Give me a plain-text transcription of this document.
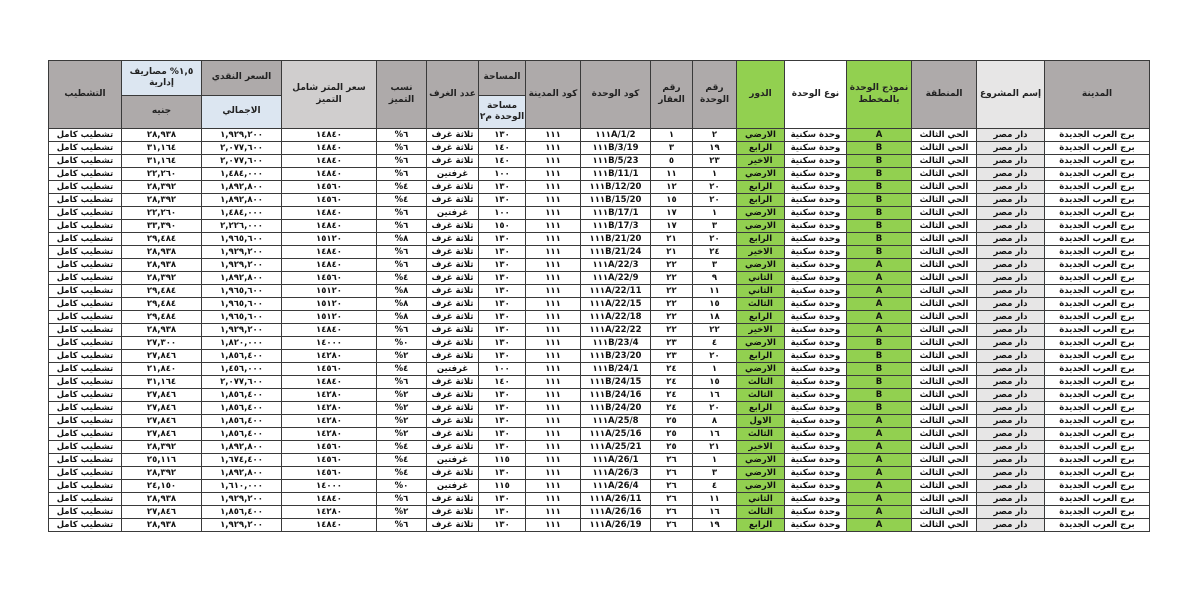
المدينة	إسم المشروع	المنطقة	نموذج الوحدة بالمخطط	نوع الوحدة	الدور	رقم الوحدة	رقم العقار	كود الوحدة	كود المدينة	المساحة	عدد الغرف	نسب التميز	سعر المتر شامل التميز	السعر النقدي	١,٥% مصاريف إدارية	التشطيب
										مساحة الوحدة م٢				الاجمالي	جنيه	
برج العرب الجديدة	دار مصر	الحي الثالث	A	وحدة سكنية	الارضي	٢	١	١١١A/1/2	١١١	١٣٠	ثلاثة غرف	٦%	١٤٨٤٠	١,٩٢٩,٢٠٠	٢٨,٩٣٨	تشطيب كامل
برج العرب الجديدة	دار مصر	الحي الثالث	B	وحدة سكنية	الرابع	١٩	٣	١١١B/3/19	١١١	١٤٠	ثلاثة غرف	٦%	١٤٨٤٠	٢,٠٧٧,٦٠٠	٣١,١٦٤	تشطيب كامل
برج العرب الجديدة	دار مصر	الحي الثالث	B	وحدة سكنية	الاخير	٢٣	٥	١١١B/5/23	١١١	١٤٠	ثلاثة غرف	٦%	١٤٨٤٠	٢,٠٧٧,٦٠٠	٣١,١٦٤	تشطيب كامل
برج العرب الجديدة	دار مصر	الحي الثالث	B	وحدة سكنية	الارضي	١	١١	١١١B/11/1	١١١	١٠٠	غرفتين	٦%	١٤٨٤٠	١,٤٨٤,٠٠٠	٢٢,٢٦٠	تشطيب كامل
برج العرب الجديدة	دار مصر	الحي الثالث	B	وحدة سكنية	الرابع	٢٠	١٢	١١١B/12/20	١١١	١٣٠	ثلاثة غرف	٤%	١٤٥٦٠	١,٨٩٢,٨٠٠	٢٨,٣٩٢	تشطيب كامل
برج العرب الجديدة	دار مصر	الحي الثالث	B	وحدة سكنية	الرابع	٢٠	١٥	١١١B/15/20	١١١	١٣٠	ثلاثة غرف	٤%	١٤٥٦٠	١,٨٩٢,٨٠٠	٢٨,٣٩٢	تشطيب كامل
برج العرب الجديدة	دار مصر	الحي الثالث	B	وحدة سكنية	الارضي	١	١٧	١١١B/17/1	١١١	١٠٠	غرفتين	٦%	١٤٨٤٠	١,٤٨٤,٠٠٠	٢٢,٢٦٠	تشطيب كامل
برج العرب الجديدة	دار مصر	الحي الثالث	B	وحدة سكنية	الارضي	٣	١٧	١١١B/17/3	١١١	١٥٠	ثلاثة غرف	٦%	١٤٨٤٠	٢,٢٢٦,٠٠٠	٣٣,٣٩٠	تشطيب كامل
برج العرب الجديدة	دار مصر	الحي الثالث	B	وحدة سكنية	الرابع	٢٠	٢١	١١١B/21/20	١١١	١٣٠	ثلاثة غرف	٨%	١٥١٢٠	١,٩٦٥,٦٠٠	٢٩,٤٨٤	تشطيب كامل
برج العرب الجديدة	دار مصر	الحي الثالث	B	وحدة سكنية	الاخير	٢٤	٢١	١١١B/21/24	١١١	١٣٠	ثلاثة غرف	٦%	١٤٨٤٠	١,٩٢٩,٢٠٠	٢٨,٩٣٨	تشطيب كامل
برج العرب الجديدة	دار مصر	الحي الثالث	A	وحدة سكنية	الارضي	٣	٢٢	١١١A/22/3	١١١	١٣٠	ثلاثة غرف	٦%	١٤٨٤٠	١,٩٢٩,٢٠٠	٢٨,٩٣٨	تشطيب كامل
برج العرب الجديدة	دار مصر	الحي الثالث	A	وحدة سكنية	الثاني	٩	٢٢	١١١A/22/9	١١١	١٣٠	ثلاثة غرف	٤%	١٤٥٦٠	١,٨٩٢,٨٠٠	٢٨,٣٩٢	تشطيب كامل
برج العرب الجديدة	دار مصر	الحي الثالث	A	وحدة سكنية	الثاني	١١	٢٢	١١١A/22/11	١١١	١٣٠	ثلاثة غرف	٨%	١٥١٢٠	١,٩٦٥,٦٠٠	٢٩,٤٨٤	تشطيب كامل
برج العرب الجديدة	دار مصر	الحي الثالث	A	وحدة سكنية	الثالث	١٥	٢٢	١١١A/22/15	١١١	١٣٠	ثلاثة غرف	٨%	١٥١٢٠	١,٩٦٥,٦٠٠	٢٩,٤٨٤	تشطيب كامل
برج العرب الجديدة	دار مصر	الحي الثالث	A	وحدة سكنية	الرابع	١٨	٢٢	١١١A/22/18	١١١	١٣٠	ثلاثة غرف	٨%	١٥١٢٠	١,٩٦٥,٦٠٠	٢٩,٤٨٤	تشطيب كامل
برج العرب الجديدة	دار مصر	الحي الثالث	A	وحدة سكنية	الاخير	٢٢	٢٢	١١١A/22/22	١١١	١٣٠	ثلاثة غرف	٦%	١٤٨٤٠	١,٩٢٩,٢٠٠	٢٨,٩٣٨	تشطيب كامل
برج العرب الجديدة	دار مصر	الحي الثالث	B	وحدة سكنية	الارضي	٤	٢٣	١١١B/23/4	١١١	١٣٠	ثلاثة غرف	٠%	١٤٠٠٠	١,٨٢٠,٠٠٠	٢٧,٣٠٠	تشطيب كامل
برج العرب الجديدة	دار مصر	الحي الثالث	B	وحدة سكنية	الرابع	٢٠	٢٣	١١١B/23/20	١١١	١٣٠	ثلاثة غرف	٢%	١٤٢٨٠	١,٨٥٦,٤٠٠	٢٧,٨٤٦	تشطيب كامل
برج العرب الجديدة	دار مصر	الحي الثالث	B	وحدة سكنية	الارضي	١	٢٤	١١١B/24/1	١١١	١٠٠	غرفتين	٤%	١٤٥٦٠	١,٤٥٦,٠٠٠	٢١,٨٤٠	تشطيب كامل
برج العرب الجديدة	دار مصر	الحي الثالث	B	وحدة سكنية	الثالث	١٥	٢٤	١١١B/24/15	١١١	١٤٠	ثلاثة غرف	٦%	١٤٨٤٠	٢,٠٧٧,٦٠٠	٣١,١٦٤	تشطيب كامل
برج العرب الجديدة	دار مصر	الحي الثالث	B	وحدة سكنية	الثالث	١٦	٢٤	١١١B/24/16	١١١	١٣٠	ثلاثة غرف	٢%	١٤٢٨٠	١,٨٥٦,٤٠٠	٢٧,٨٤٦	تشطيب كامل
برج العرب الجديدة	دار مصر	الحي الثالث	B	وحدة سكنية	الرابع	٢٠	٢٤	١١١B/24/20	١١١	١٣٠	ثلاثة غرف	٢%	١٤٢٨٠	١,٨٥٦,٤٠٠	٢٧,٨٤٦	تشطيب كامل
برج العرب الجديدة	دار مصر	الحي الثالث	A	وحدة سكنية	الاول	٨	٢٥	١١١A/25/8	١١١	١٣٠	ثلاثة غرف	٢%	١٤٢٨٠	١,٨٥٦,٤٠٠	٢٧,٨٤٦	تشطيب كامل
برج العرب الجديدة	دار مصر	الحي الثالث	A	وحدة سكنية	الثالث	١٦	٢٥	١١١A/25/16	١١١	١٣٠	ثلاثة غرف	٢%	١٤٢٨٠	١,٨٥٦,٤٠٠	٢٧,٨٤٦	تشطيب كامل
برج العرب الجديدة	دار مصر	الحي الثالث	A	وحدة سكنية	الاخير	٢١	٢٥	١١١A/25/21	١١١	١٣٠	ثلاثة غرف	٤%	١٤٥٦٠	١,٨٩٢,٨٠٠	٢٨,٣٩٢	تشطيب كامل
برج العرب الجديدة	دار مصر	الحي الثالث	A	وحدة سكنية	الارضي	١	٢٦	١١١A/26/1	١١١	١١٥	غرفتين	٤%	١٤٥٦٠	١,٦٧٤,٤٠٠	٢٥,١١٦	تشطيب كامل
برج العرب الجديدة	دار مصر	الحي الثالث	A	وحدة سكنية	الارضي	٣	٢٦	١١١A/26/3	١١١	١٣٠	ثلاثة غرف	٤%	١٤٥٦٠	١,٨٩٢,٨٠٠	٢٨,٣٩٢	تشطيب كامل
برج العرب الجديدة	دار مصر	الحي الثالث	A	وحدة سكنية	الارضي	٤	٢٦	١١١A/26/4	١١١	١١٥	غرفتين	٠%	١٤٠٠٠	١,٦١٠,٠٠٠	٢٤,١٥٠	تشطيب كامل
برج العرب الجديدة	دار مصر	الحي الثالث	A	وحدة سكنية	الثاني	١١	٢٦	١١١A/26/11	١١١	١٣٠	ثلاثة غرف	٦%	١٤٨٤٠	١,٩٢٩,٢٠٠	٢٨,٩٣٨	تشطيب كامل
برج العرب الجديدة	دار مصر	الحي الثالث	A	وحدة سكنية	الثالث	١٦	٢٦	١١١A/26/16	١١١	١٣٠	ثلاثة غرف	٢%	١٤٢٨٠	١,٨٥٦,٤٠٠	٢٧,٨٤٦	تشطيب كامل
برج العرب الجديدة	دار مصر	الحي الثالث	A	وحدة سكنية	الرابع	١٩	٢٦	١١١A/26/19	١١١	١٣٠	ثلاثة غرف	٦%	١٤٨٤٠	١,٩٢٩,٢٠٠	٢٨,٩٣٨	تشطيب كامل
